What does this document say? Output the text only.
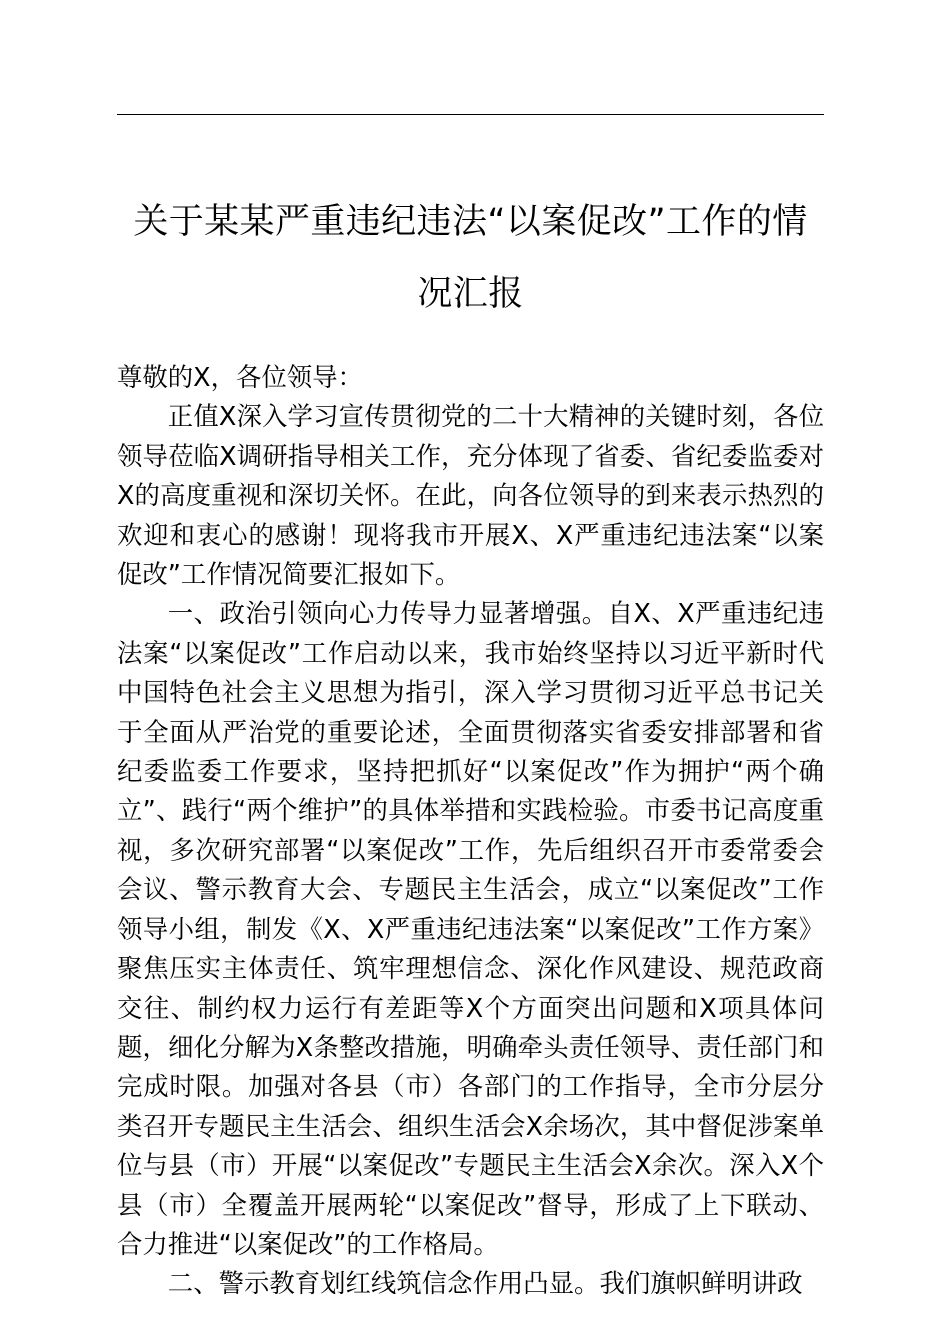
关于某某严重违纪违法“以案促改”工作的情况汇报

尊敬的X，各位领导：

正值X深入学习宣传贯彻党的二十大精神的关键时刻，各位领导莅临X调研指导相关工作，充分体现了省委、省纪委监委对X的高度重视和深切关怀。在此，向各位领导的到来表示热烈的欢迎和衷心的感谢！现将我市开展X、X严重违纪违法案“以案促改”工作情况简要汇报如下。

一、政治引领向心力传导力显著增强。自X、X严重违纪违法案“以案促改”工作启动以来，我市始终坚持以习近平新时代中国特色社会主义思想为指引，深入学习贯彻习近平总书记关于全面从严治党的重要论述，全面贯彻落实省委安排部署和省纪委监委工作要求，坚持把抓好“以案促改”作为拥护“两个确立”、践行“两个维护”的具体举措和实践检验。市委书记高度重视，多次研究部署“以案促改”工作，先后组织召开市委常委会会议、警示教育大会、专题民主生活会，成立“以案促改”工作领导小组，制发《X、X严重违纪违法案“以案促改”工作方案》聚焦压实主体责任、筑牢理想信念、深化作风建设、规范政商交往、制约权力运行有差距等X个方面突出问题和X项具体问题，细化分解为X条整改措施，明确牵头责任领导、责任部门和完成时限。加强对各县（市）各部门的工作指导，全市分层分类召开专题民主生活会、组织生活会X余场次，其中督促涉案单位与县（市）开展“以案促改”专题民主生活会X余次。深入X个县（市）全覆盖开展两轮“以案促改”督导，形成了上下联动、合力推进“以案促改”的工作格局。

二、警示教育划红线筑信念作用凸显。我们旗帜鲜明讲政
